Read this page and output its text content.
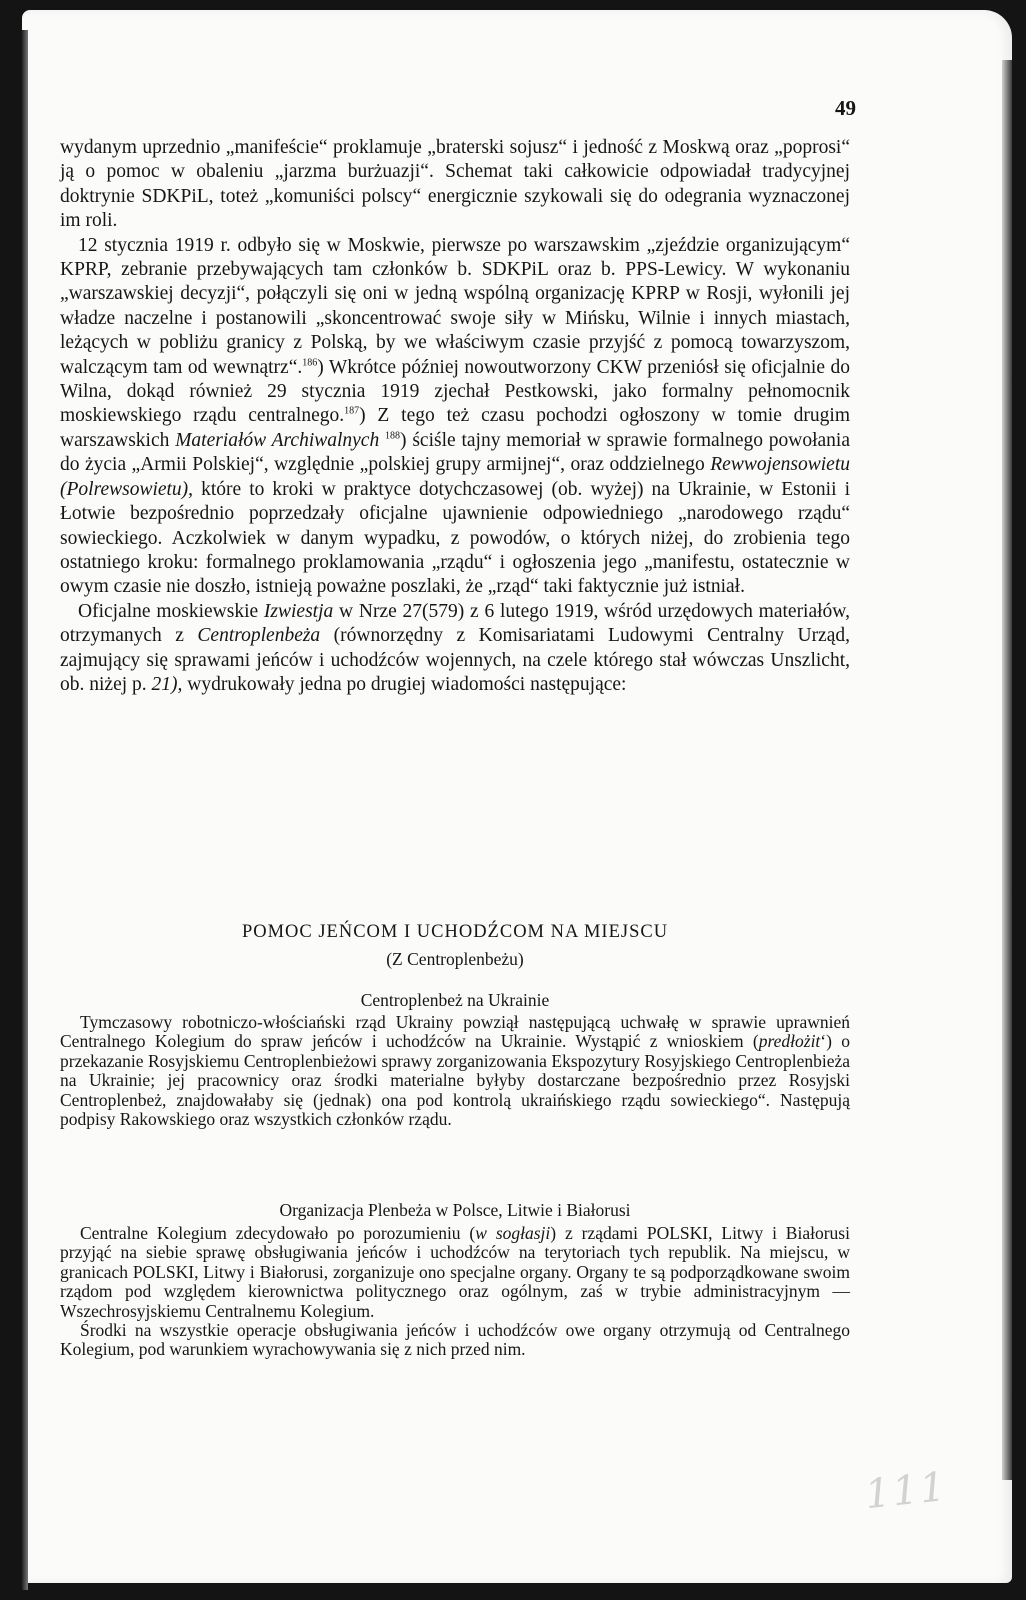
49

wydanym uprzednio „manifeście“ proklamuje „braterski sojusz“ i jedność z Moskwą oraz „poprosi“ ją o pomoc w obaleniu „jarzma burżuazji“. Schemat taki całkowicie odpowiadał tradycyjnej doktrynie SDKPiL, toteż „komuniści polscy“ energicznie szykowali się do odegrania wyznaczonej im roli.

12 stycznia 1919 r. odbyło się w Moskwie, pierwsze po warszawskim „zjeździe organizującym“ KPRP, zebranie przebywających tam członków b. SDKPiL oraz b. PPS-Lewicy. W wykonaniu „warszawskiej decyzji“, połączyli się oni w jedną wspólną organizację KPRP w Rosji, wyłonili jej władze naczelne i postanowili „skoncentrować swoje siły w Mińsku, Wilnie i innych miastach, leżących w pobliżu granicy z Polską, by we właściwym czasie przyjść z pomocą towarzyszom, walczącym tam od wewnątrz“.$^{186}$) Wkrótce później nowoutworzony CKW przeniósł się oficjalnie do Wilna, dokąd również 29 stycznia 1919 zjechał Pestkowski, jako formalny pełnomocnik moskiewskiego rządu centralnego.$^{187}$) Z tego też czasu pochodzi ogłoszony w tomie drugim warszawskich Materiałów Archiwalnych $^{188}$) ściśle tajny memoriał w sprawie formalnego powołania do życia „Armii Polskiej“, względnie „polskiej grupy armijnej“, oraz oddzielnego Rewwojensowietu (Polrewsowietu), które to kroki w praktyce dotychczasowej (ob. wyżej) na Ukrainie, w Estonii i Łotwie bezpośrednio poprzedzały oficjalne ujawnienie odpowiedniego „narodowego rządu“ sowieckiego. Aczkolwiek w danym wypadku, z powodów, o których niżej, do zrobienia tego ostatniego kroku: formalnego proklamowania „rządu“ i ogłoszenia jego „manifestu, ostatecznie w owym czasie nie doszło, istnieją poważne poszlaki, że „rząd“ taki faktycznie już istniał.

Oficjalne moskiewskie Izwiestja w Nrze 27(579) z 6 lutego 1919, wśród urzędowych materiałów, otrzymanych z Centroplenbeża (równorzędny z Komisariatami Ludowymi Centralny Urząd, zajmujący się sprawami jeńców i uchodźców wojennych, na czele którego stał wówczas Unszlicht, ob. niżej p. 21), wydrukowały jedna po drugiej wiadomości następujące:

POMOC JEŃCOM I UCHODŹCOM NA MIEJSCU
(Z Centroplenbeżu)
Centroplenbeż na Ukrainie

Tymczasowy robotniczo-włościański rząd Ukrainy powziął następującą uchwałę w sprawie uprawnień Centralnego Kolegium do spraw jeńców i uchodźców na Ukrainie. Wystąpić z wnioskiem (predłożit‘) o przekazanie Rosyjskiemu Centroplenbieżowi sprawy zorganizowania Ekspozytury Rosyjskiego Centroplenbieża na Ukrainie; jej pracownicy oraz środki materialne byłyby dostarczane bezpośrednio przez Rosyjski Centroplenbeż, znajdowałaby się (jednak) ona pod kontrolą ukraińskiego rządu sowieckiego“. Następują podpisy Rakowskiego oraz wszystkich członków rządu.

Organizacja Plenbeża w Polsce, Litwie i Białorusi

Centralne Kolegium zdecydowało po porozumieniu (w sogłasji) z rządami POLSKI, Litwy i Białorusi przyjąć na siebie sprawę obsługiwania jeńców i uchodźców na terytoriach tych republik. Na miejscu, w granicach POLSKI, Litwy i Białorusi, zorganizuje ono specjalne organy. Organy te są podporządkowane swoim rządom pod względem kierownictwa politycznego oraz ogólnym, zaś w trybie administracyjnym — Wszechrosyjskiemu Centralnemu Kolegium.

Środki na wszystkie operacje obsługiwania jeńców i uchodźców owe organy otrzymują od Centralnego Kolegium, pod warunkiem wyrachowywania się z nich przed nim.

111
